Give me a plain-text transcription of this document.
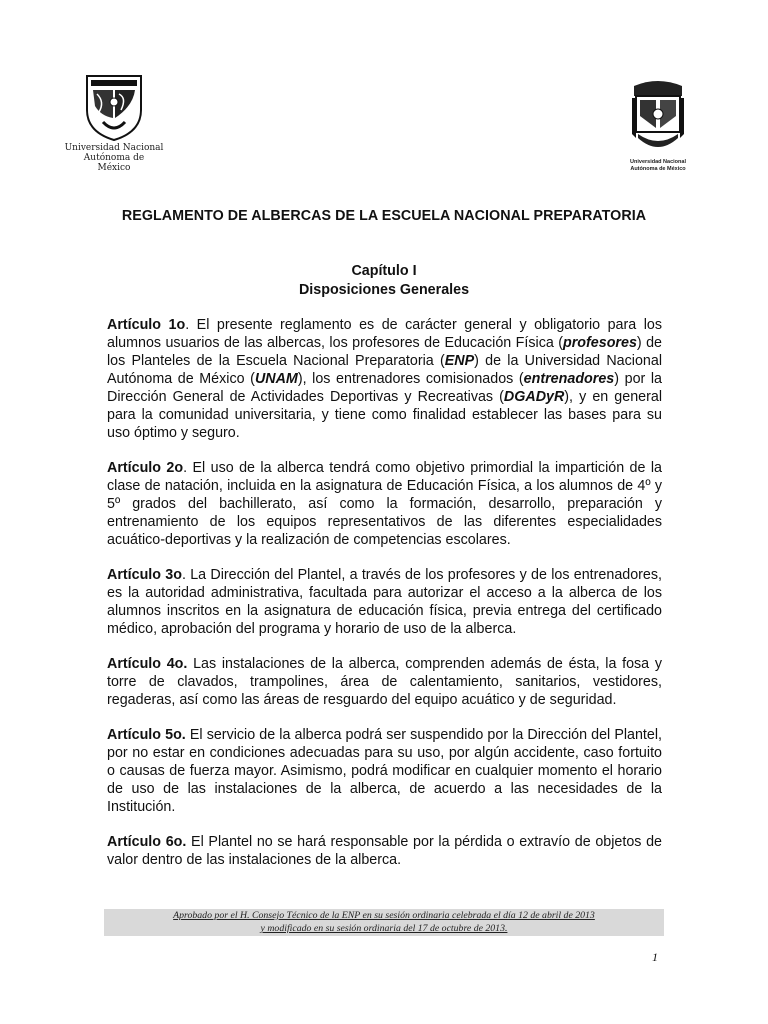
Universidad Nacional
Autónoma de
México
Universidad Nacional
Autónoma de México
REGLAMENTO DE ALBERCAS DE LA ESCUELA NACIONAL PREPARATORIA
Capítulo I
Disposiciones Generales

Artículo 1o. El presente reglamento es de carácter general y obligatorio para los alumnos usuarios de las albercas, los profesores de Educación Física (profesores) de los Planteles de la Escuela Nacional Preparatoria (ENP) de la Universidad Nacional Autónoma de México (UNAM), los entrenadores comisionados (entrenadores) por la Dirección General de Actividades Deportivas y Recreativas (DGADyR), y en general para la comunidad universitaria, y tiene como finalidad establecer las bases para su uso óptimo y seguro.

Artículo 2o. El uso de la alberca tendrá como objetivo primordial la impartición de la clase de natación, incluida en la asignatura de Educación Física, a los alumnos de 4º y 5º grados del bachillerato, así como la formación, desarrollo, preparación y entrenamiento de los equipos representativos de las diferentes especialidades acuático-deportivas y la realización de competencias escolares.

Artículo 3o. La Dirección del Plantel, a través de los profesores y de los entrenadores, es la autoridad administrativa, facultada para autorizar el acceso a la alberca de los alumnos inscritos en la asignatura de educación física, previa entrega del certificado médico, aprobación del programa y horario de uso de la alberca.

Artículo 4o. Las instalaciones de la alberca, comprenden además de ésta, la fosa y torre de clavados, trampolines, área de calentamiento, sanitarios, vestidores, regaderas, así como las áreas de resguardo del equipo acuático y de seguridad.

Artículo 5o. El servicio de la alberca podrá ser suspendido por la Dirección del Plantel, por no estar en condiciones adecuadas para su uso, por algún accidente, caso fortuito o causas de fuerza mayor. Asimismo, podrá modificar en cualquier momento el horario de uso de las instalaciones de la alberca, de acuerdo a las necesidades de la Institución.

Artículo 6o. El Plantel no se hará responsable por la pérdida o extravío de objetos de valor dentro de las instalaciones de la alberca.

Aprobado por el H. Consejo Técnico de la ENP en su sesión ordinaria celebrada el día 12 de abril de 2013
y modificado en su sesión ordinaria del 17 de octubre de 2013.
1
